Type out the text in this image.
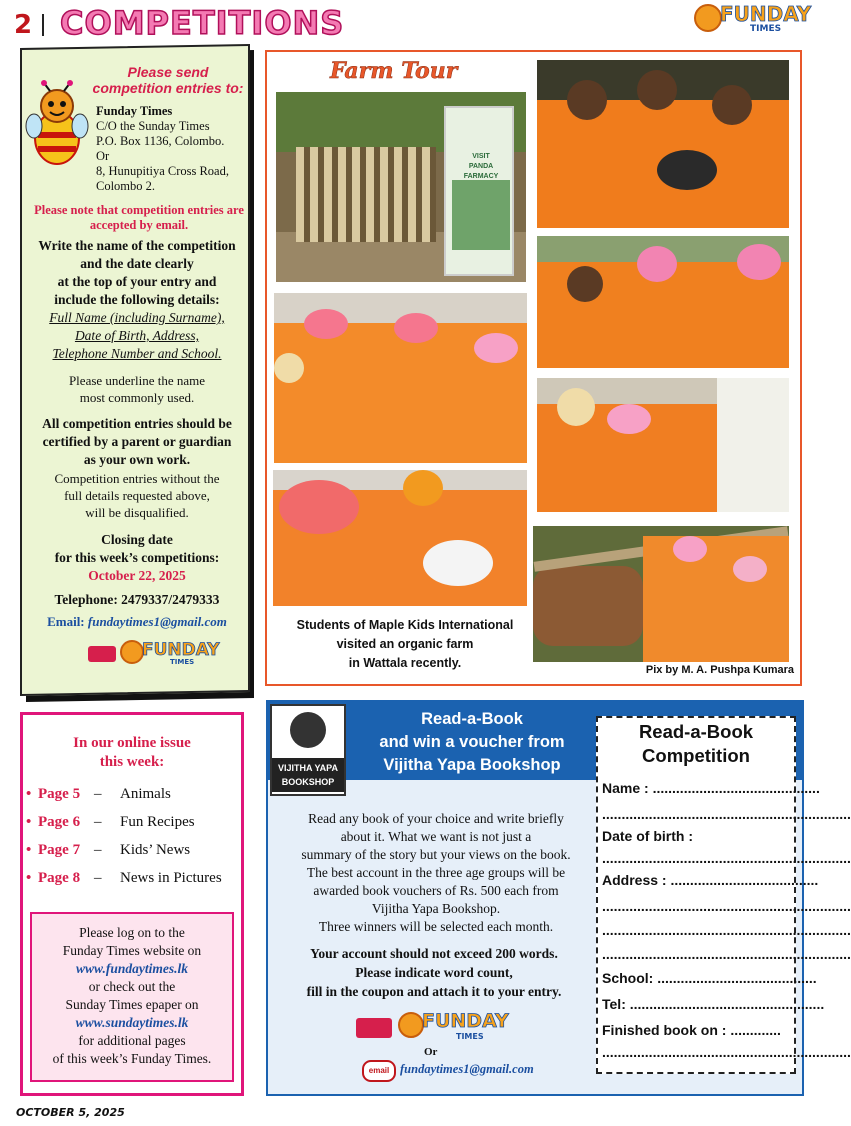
2 COMPETITIONS	FUNDAY
TIMES
Please send competition entries to:
Funday Times
C/O the Sunday Times
P.O. Box 1136, Colombo.
Or
8, Hunupitiya Cross Road,
Colombo 2.
Please note that competition entries are accepted by email.
Write the name of the competition
and the date clearly
at the top of your entry and
include the following details:
Full Name (including Surname),
Date of Birth, Address,
Telephone Number and School.
Please underline the name
most commonly used.
All competition entries should be
certified by a parent or guardian
as your own work.
Competition entries without the
full details requested above,
will be disqualified.
Closing date
for this week’s competitions:
October 22, 2025
Telephone: 2479337/2479333
Email: fundaytimes1@gmail.com
FUNDAY
TIMES
Farm Tour
VISIT
PANDA FARMACY
Students of Maple Kids International
visited an organic farm
in Wattala recently.	Pix by M. A. Pushpa Kumara
In our online issue
this week:
• Page 5 – Animals
• Page 6 – Fun Recipes
• Page 7 – Kids’ News
• Page 8 – News in Pictures
Please log on to the
Funday Times website on
www.fundaytimes.lk
or check out the
Sunday Times epaper on
www.sundaytimes.lk
for additional pages
of this week’s Funday Times.
VIJITHA YAPA
BOOKSHOP
Read-a-Book
and win a voucher from
Vijitha Yapa Bookshop
Read any book of your choice and write briefly
about it. What we want is not just a
summary of the story but your views on the book.
The best account in the three age groups will be
awarded book vouchers of Rs. 500 each from
Vijitha Yapa Bookshop.
Three winners will be selected each month.
Your account should not exceed 200 words.
Please indicate word count,
fill in the coupon and attach it to your entry.
FUNDAY
TIMES
Or
email fundaytimes1@gmail.com
Read-a-Book
Competition
Name : ...........................................
................................................................
Date of birth :
................................................................
Address : ......................................
................................................................
................................................................
................................................................
School: .........................................
Tel: ..................................................
Finished book on : .............
................................................................
OCTOBER 5, 2025
